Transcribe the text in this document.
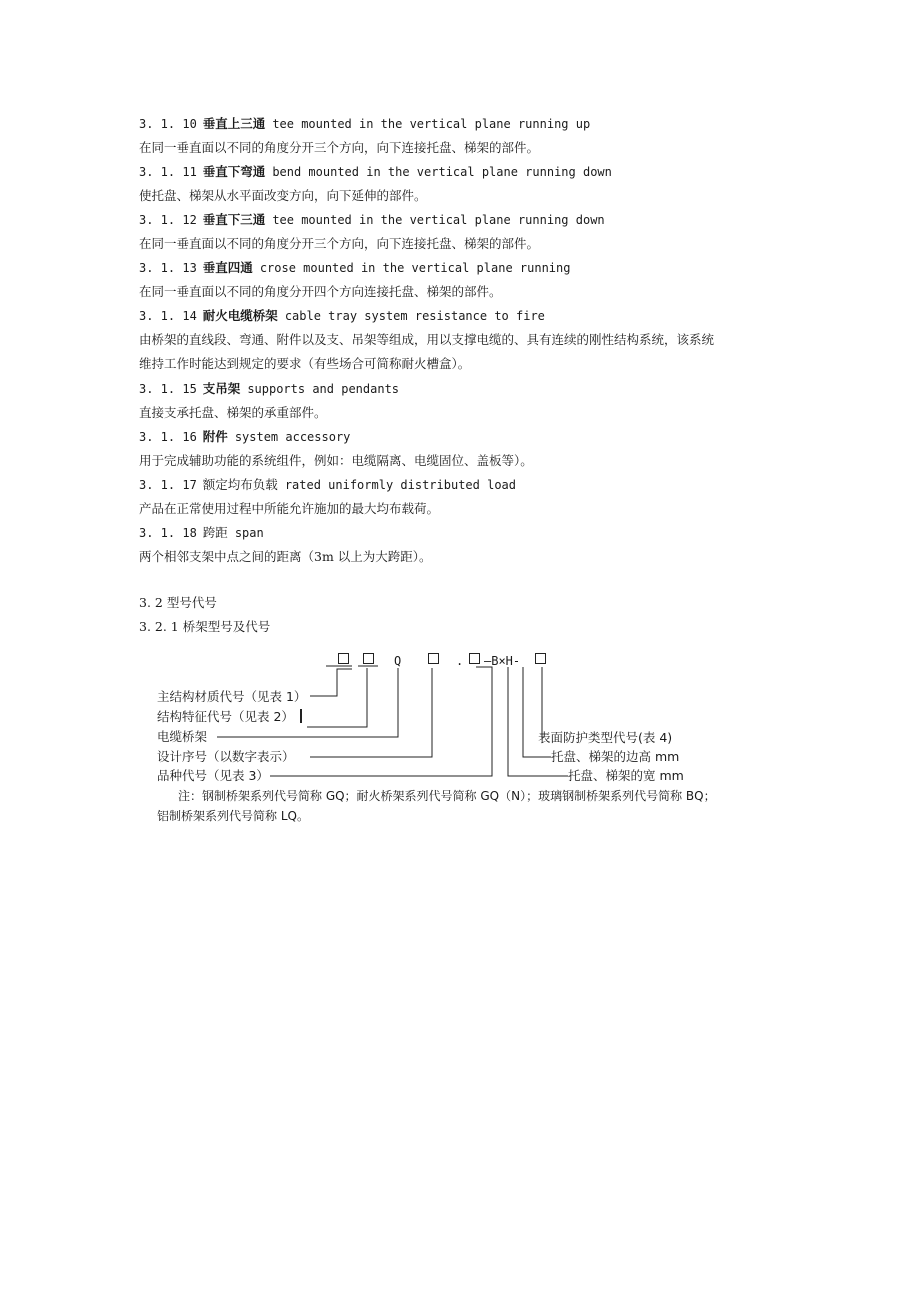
3. 1. 10 垂直上三通 tee mounted in the vertical plane running up
在同一垂直面以不同的角度分开三个方向，向下连接托盘、梯架的部件。
3. 1. 11 垂直下弯通 bend mounted in the vertical plane running down
使托盘、梯架从水平面改变方向，向下延伸的部件。
3. 1. 12 垂直下三通 tee mounted in the vertical plane running down
在同一垂直面以不同的角度分开三个方向，向下连接托盘、梯架的部件。
3. 1. 13 垂直四通 crose mounted in the vertical plane running
在同一垂直面以不同的角度分开四个方向连接托盘、梯架的部件。
3. 1. 14 耐火电缆桥架 cable tray system resistance to fire
由桥架的直线段、弯通、附件以及支、吊架等组成，用以支撑电缆的、具有连续的刚性结构系统，该系统
维持工作时能达到规定的要求（有些场合可简称耐火槽盒）。
3. 1. 15 支吊架 supports and pendants
直接支承托盘、梯架的承重部件。
3. 1. 16 附件 system accessory
用于完成辅助功能的系统组件，例如：电缆隔离、电缆固位、盖板等）。
3. 1. 17 额定均布负载 rated uniformly distributed load
产品在正常使用过程中所能允许施加的最大均布载荷。
3. 1. 18 跨距 span
两个相邻支架中点之间的距离（3m 以上为大跨距）。
3. 2 型号代号
3. 2. 1 桥架型号及代号
Q	. —B×H-
主结构材质代号（见表 1）
结构特征代号（见表 2）
电缆桥架
设计序号（以数字表示）
品种代号（见表 3）
表面防护类型代号(表 4)
托盘、梯架的边高 mm
托盘、梯架的宽 mm
注：钢制桥架系列代号简称 GQ；耐火桥架系列代号简称 GQ（N）；玻璃钢制桥架系列代号简称 BQ；
铝制桥架系列代号简称 LQ。
